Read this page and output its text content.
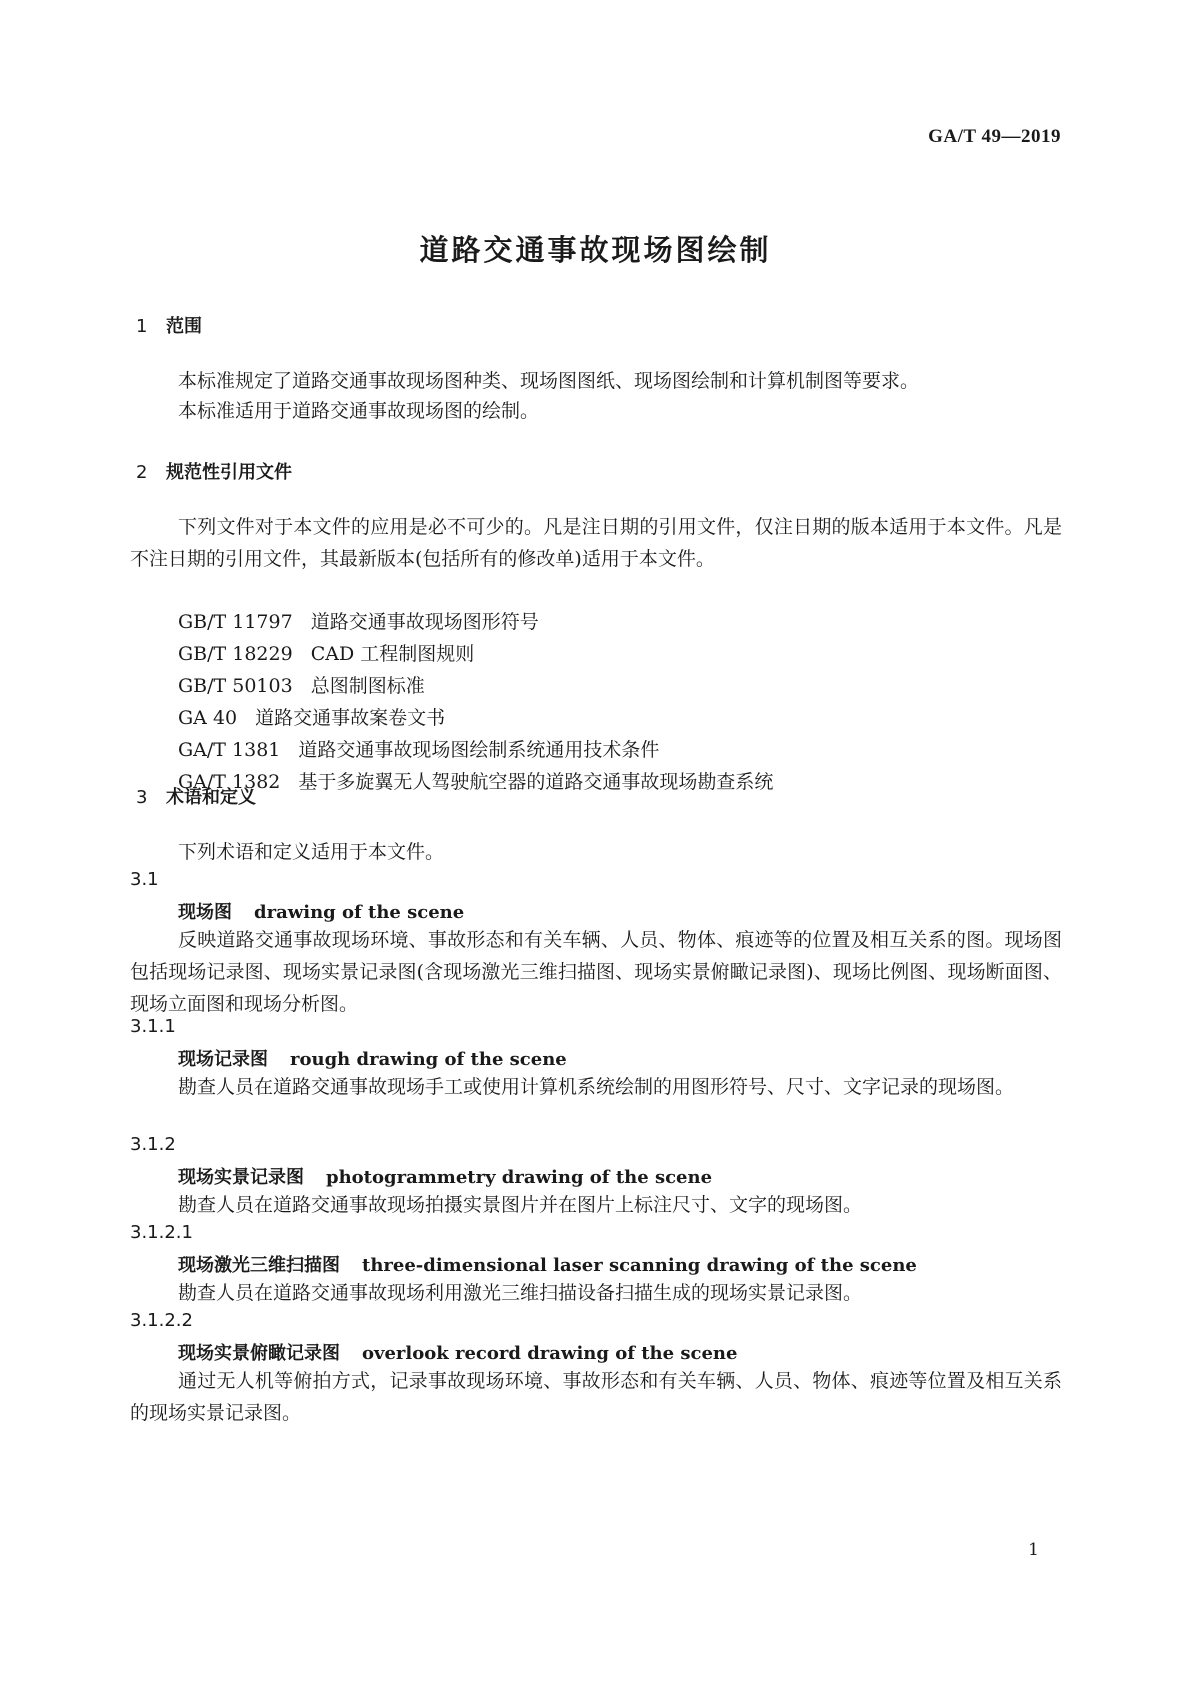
GA/T 49—2019
道路交通事故现场图绘制
1 范围

本标准规定了道路交通事故现场图种类、现场图图纸、现场图绘制和计算机制图等要求。

本标准适用于道路交通事故现场图的绘制。

2 规范性引用文件

下列文件对于本文件的应用是必不可少的。凡是注日期的引用文件，仅注日期的版本适用于本文件。凡是不注日期的引用文件，其最新版本(包括所有的修改单)适用于本文件。

GB/T 11797 道路交通事故现场图形符号
GB/T 18229 CAD 工程制图规则
GB/T 50103 总图制图标准
GA 40 道路交通事故案卷文书
GA/T 1381 道路交通事故现场图绘制系统通用技术条件
GA/T 1382 基于多旋翼无人驾驶航空器的道路交通事故现场勘查系统
3 术语和定义

下列术语和定义适用于本文件。

3.1
现场图 drawing of the scene

反映道路交通事故现场环境、事故形态和有关车辆、人员、物体、痕迹等的位置及相互关系的图。现场图包括现场记录图、现场实景记录图(含现场激光三维扫描图、现场实景俯瞰记录图)、现场比例图、现场断面图、现场立面图和现场分析图。

3.1.1
现场记录图 rough drawing of the scene

勘查人员在道路交通事故现场手工或使用计算机系统绘制的用图形符号、尺寸、文字记录的现场图。

3.1.2
现场实景记录图 photogrammetry drawing of the scene

勘查人员在道路交通事故现场拍摄实景图片并在图片上标注尺寸、文字的现场图。

3.1.2.1
现场激光三维扫描图 three-dimensional laser scanning drawing of the scene

勘查人员在道路交通事故现场利用激光三维扫描设备扫描生成的现场实景记录图。

3.1.2.2
现场实景俯瞰记录图 overlook record drawing of the scene

通过无人机等俯拍方式，记录事故现场环境、事故形态和有关车辆、人员、物体、痕迹等位置及相互关系的现场实景记录图。

1
